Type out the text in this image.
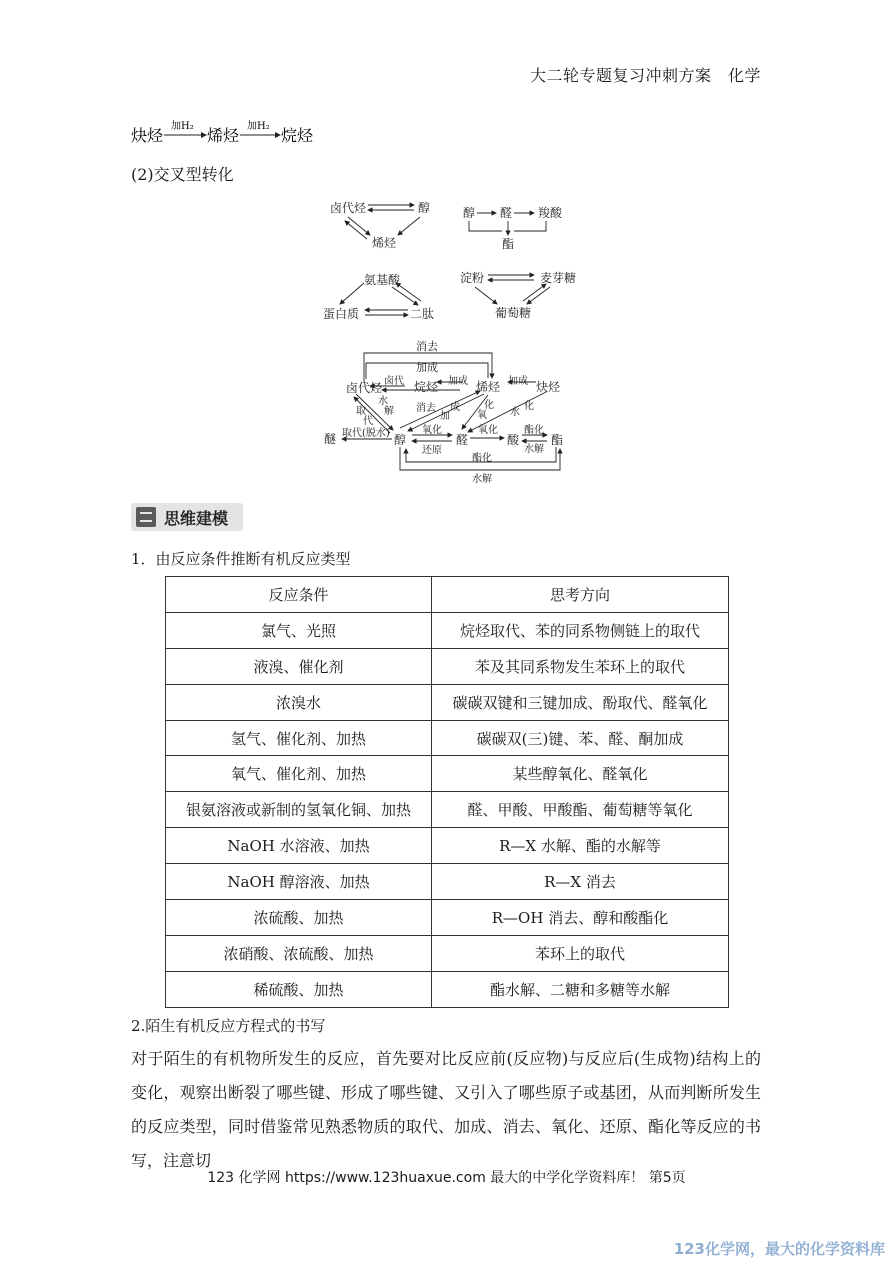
大二轮专题复习冲刺方案　化学
炔烃 加H₂ 烯烃 加H₂ 烷烃
(2)交叉型转化
卤代烃	醇
烯烃
醇 醛 羧酸
酯
氨基酸
蛋白质	二肽
淀粉	麦芽糖
葡萄糖
消去
加成
卤代烃	烷烃	烯烃	炔烃
卤代	加成	加成
水
解
取
代
消去
加
成 化
氧 水
化
醚 取代(脱水) 醇
氧化
还原
醛
氧化
酸
酯化
水解
酯
酯化
水解
思维建模
1．由反应条件推断有机反应类型
反应条件	思考方向
氯气、光照	烷烃取代、苯的同系物侧链上的取代
液溴、催化剂	苯及其同系物发生苯环上的取代
浓溴水	碳碳双键和三键加成、酚取代、醛氧化
氢气、催化剂、加热	碳碳双(三)键、苯、醛、酮加成
氧气、催化剂、加热	某些醇氧化、醛氧化
银氨溶液或新制的氢氧化铜、加热	醛、甲酸、甲酸酯、葡萄糖等氧化
NaOH 水溶液、加热	R—X 水解、酯的水解等
NaOH 醇溶液、加热	R—X 消去
浓硫酸、加热	R—OH 消去、醇和酸酯化
浓硝酸、浓硫酸、加热	苯环上的取代
稀硫酸、加热	酯水解、二糖和多糖等水解
2.陌生有机反应方程式的书写
对于陌生的有机物所发生的反应，首先要对比反应前(反应物)与反应后(生成物)结构上的变化，观察出断裂了哪些键、形成了哪些键、又引入了哪些原子或基团，从而判断所发生的反应类型，同时借鉴常见熟悉物质的取代、加成、消去、氧化、还原、酯化等反应的书写，注意切
123 化学网 https://www.123huaxue.com 最大的中学化学资料库！ 第5页
123化学网，最大的化学资料库
